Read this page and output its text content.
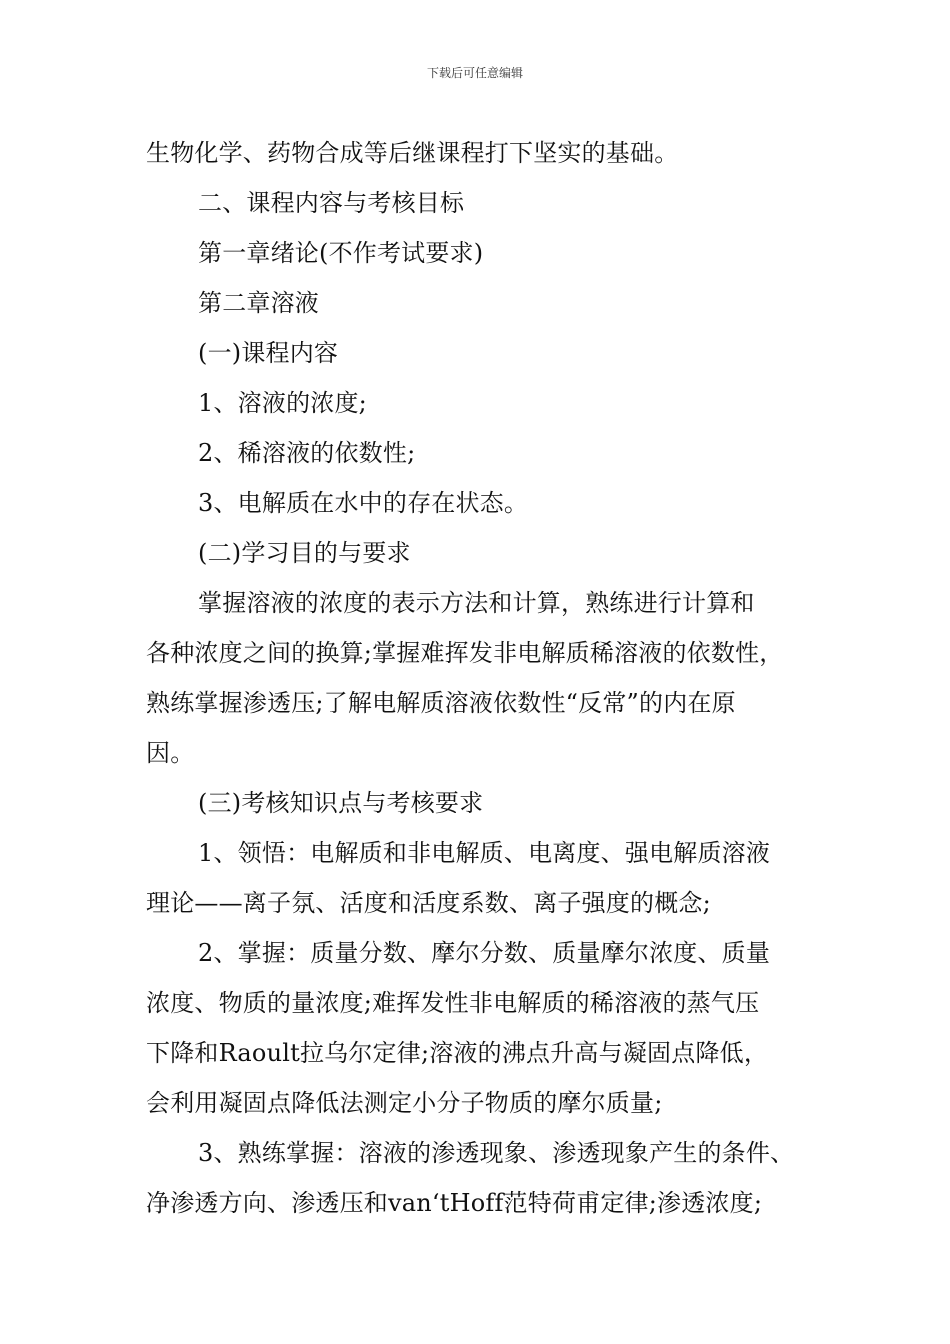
下载后可任意编辑
生物化学、药物合成等后继课程打下坚实的基础。
二、课程内容与考核目标
第一章绪论(不作考试要求)
第二章溶液
(一)课程内容
1、溶液的浓度;
2、稀溶液的依数性;
3、电解质在水中的存在状态。
(二)学习目的与要求
掌握溶液的浓度的表示方法和计算，熟练进行计算和
各种浓度之间的换算;掌握难挥发非电解质稀溶液的依数性，
熟练掌握渗透压;了解电解质溶液依数性“反常”的内在原
因。
(三)考核知识点与考核要求
1、领悟：电解质和非电解质、电离度、强电解质溶液
理论——离子氛、活度和活度系数、离子强度的概念;
2、掌握：质量分数、摩尔分数、质量摩尔浓度、质量
浓度、物质的量浓度;难挥发性非电解质的稀溶液的蒸气压
下降和Raoult拉乌尔定律;溶液的沸点升高与凝固点降低，
会利用凝固点降低法测定小分子物质的摩尔质量;
3、熟练掌握：溶液的渗透现象、渗透现象产生的条件、
净渗透方向、渗透压和van‘tHoff范特荷甫定律;渗透浓度;
